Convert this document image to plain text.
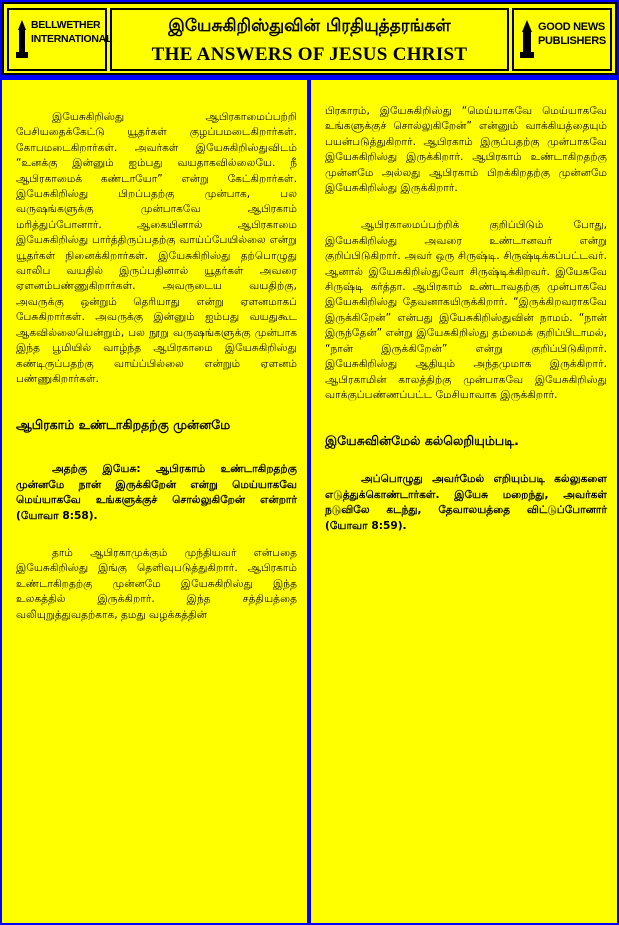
BELLWETHER
INTERNATIONAL
இயேசுகிறிஸ்துவின் பிரதியுத்தரங்கள்
THE ANSWERS OF JESUS CHRIST
GOOD NEWS
PUBLISHERS

இயேசுகிறிஸ்து ஆபிரகாமைப்பற்றி பேசியதைக்கேட்டு யூதர்கள் குழப்பமடைகிறார்கள். கோபமடைகிறார்கள். அவர்கள் இயேசுகிறிஸ்துவிடம் “உனக்கு இன்னும் ஐம்பது வயதாகவில்லையே. நீ ஆபிரகாமைக் கண்டாயோ” என்று கேட்கிறார்கள். இயேசுகிறிஸ்து பிறப்பதற்கு முன்பாக, பல வருஷங்களுக்கு முன்பாகவே ஆபிரகாம் மரித்துப்போனார். ஆகையினால் ஆபிரகாமை இயேசுகிறிஸ்து பார்த்திருப்பதற்கு வாய்ப்பேயில்லை என்று யூதர்கள் நினைக்கிறார்கள். இயேசுகிறிஸ்து தற்பொழுது வாலிப வயதில் இருப்பதினால் யூதர்கள் அவரை ஏளனம்பண்ணுகிறார்கள். அவருடைய வயதிற்கு, அவருக்கு ஒன்றும் தெரியாது என்று ஏளனமாகப் பேசுகிறார்கள். அவருக்கு இன்னும் ஐம்பது வயதுகூட ஆகவில்லையென்றும், பல நூறு வருஷங்களுக்கு முன்பாக இந்த பூமியில் வாழ்ந்த ஆபிரகாமை இயேசுகிறிஸ்து கண்டிருப்பதற்கு வாய்ப்பில்லை என்றும் ஏளனம் பண்ணுகிறார்கள்.

ஆபிரகாம் உண்டாகிறதற்கு முன்னமே

அதற்கு இயேசு: ஆபிரகாம் உண்டாகிறதற்கு முன்னமே நான் இருக்கிறேன் என்று மெய்யாகவே மெய்யாகவே உங்களுக்குச் சொல்லுகிறேன் என்றார் (யோவா 8:58).

தாம் ஆபிரகாமுக்கும் முந்தியவர் என்பதை இயேசுகிறிஸ்து இங்கு தெளிவுபடுத்துகிறார். ஆபிரகாம் உண்டாகிறதற்கு முன்னமே இயேசுகிறிஸ்து இந்த உலகத்தில் இருக்கிறார். இந்த சத்தியத்தை வலியுறுத்துவதற்காக, தமது வழக்கத்தின்

பிரகாரம், இயேசுகிறிஸ்து “மெய்யாகவே மெய்யாகவே உங்களுக்குச் சொல்லுகிறேன்” என்னும் வாக்கியத்தையும் பயன்படுத்துகிறார். ஆபிரகாம் இருப்பதற்கு முன்பாகவே இயேசுகிறிஸ்து இருக்கிறார். ஆபிரகாம் உண்டாகிறதற்கு முன்னமே அல்லது ஆபிரகாம் பிறக்கிறதற்கு முன்னமே இயேசுகிறிஸ்து இருக்கிறார்.

ஆபிரகாமைப்பற்றிக் குறிப்பிடும் போது, இயேசுகிறிஸ்து அவரை உண்டானவர் என்று குறிப்பிடுகிறார். அவர் ஒரு சிருஷ்டி. சிருஷ்டிக்கப்பட்டவர். ஆனால் இயேசுகிறிஸ்துவோ சிருஷ்டிக்கிறவர். இயேசுவே சிருஷ்டி கர்த்தா. ஆபிரகாம் உண்டாவதற்கு முன்பாகவே இயேசுகிறிஸ்து தேவனாகயிருக்கிறார். “இருக்கிறவராகவே இருக்கிறேன்” என்பது இயேசுகிறிஸ்துவின் நாமம். “நான் இருந்தேன்” என்று இயேசுகிறிஸ்து தம்மைக் குறிப்பிடாமல், “நான் இருக்கிறேன்” என்று குறிப்பிடுகிறார். இயேசுகிறிஸ்து ஆதியும் அந்தமுமாக இருக்கிறார். ஆபிரகாமின் காலத்திற்கு முன்பாகவே இயேசுகிறிஸ்து வாக்குப்பண்ணப்பட்ட மேசியாவாக இருக்கிறார்.

இயேசுவின்மேல் கல்லெறியும்படி.

அப்பொழுது அவர்மேல் எறியும்படி கல்லுகளை எடுத்துக்கொண்டார்கள். இயேசு மறைந்து, அவர்கள் நடுவிலே கடந்து, தேவாலயத்தை விட்டுப்போனார் (யோவா 8:59).
